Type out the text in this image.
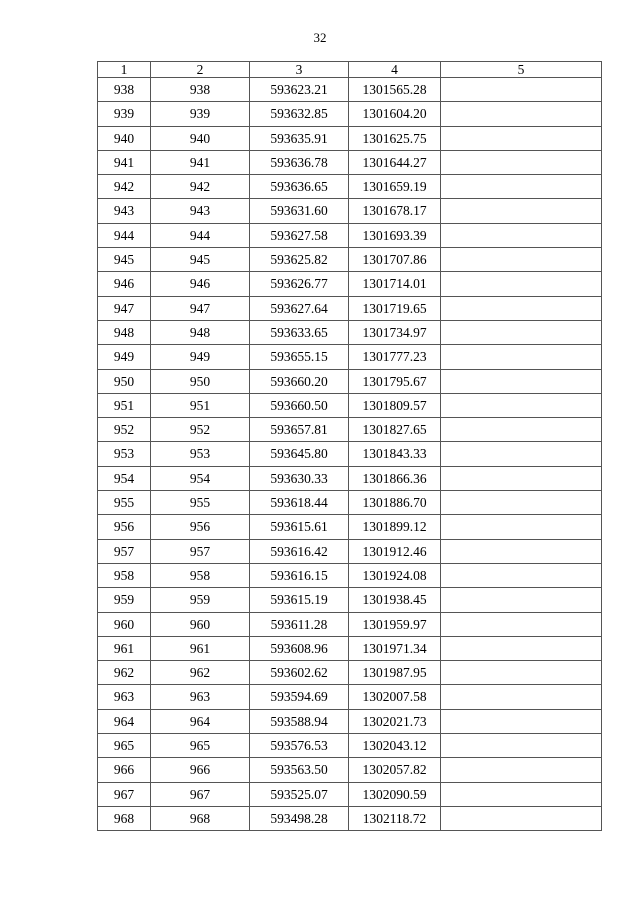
32
1	2	3	4	5
938	938	593623.21	1301565.28	
939	939	593632.85	1301604.20	
940	940	593635.91	1301625.75	
941	941	593636.78	1301644.27	
942	942	593636.65	1301659.19	
943	943	593631.60	1301678.17	
944	944	593627.58	1301693.39	
945	945	593625.82	1301707.86	
946	946	593626.77	1301714.01	
947	947	593627.64	1301719.65	
948	948	593633.65	1301734.97	
949	949	593655.15	1301777.23	
950	950	593660.20	1301795.67	
951	951	593660.50	1301809.57	
952	952	593657.81	1301827.65	
953	953	593645.80	1301843.33	
954	954	593630.33	1301866.36	
955	955	593618.44	1301886.70	
956	956	593615.61	1301899.12	
957	957	593616.42	1301912.46	
958	958	593616.15	1301924.08	
959	959	593615.19	1301938.45	
960	960	593611.28	1301959.97	
961	961	593608.96	1301971.34	
962	962	593602.62	1301987.95	
963	963	593594.69	1302007.58	
964	964	593588.94	1302021.73	
965	965	593576.53	1302043.12	
966	966	593563.50	1302057.82	
967	967	593525.07	1302090.59	
968	968	593498.28	1302118.72	
